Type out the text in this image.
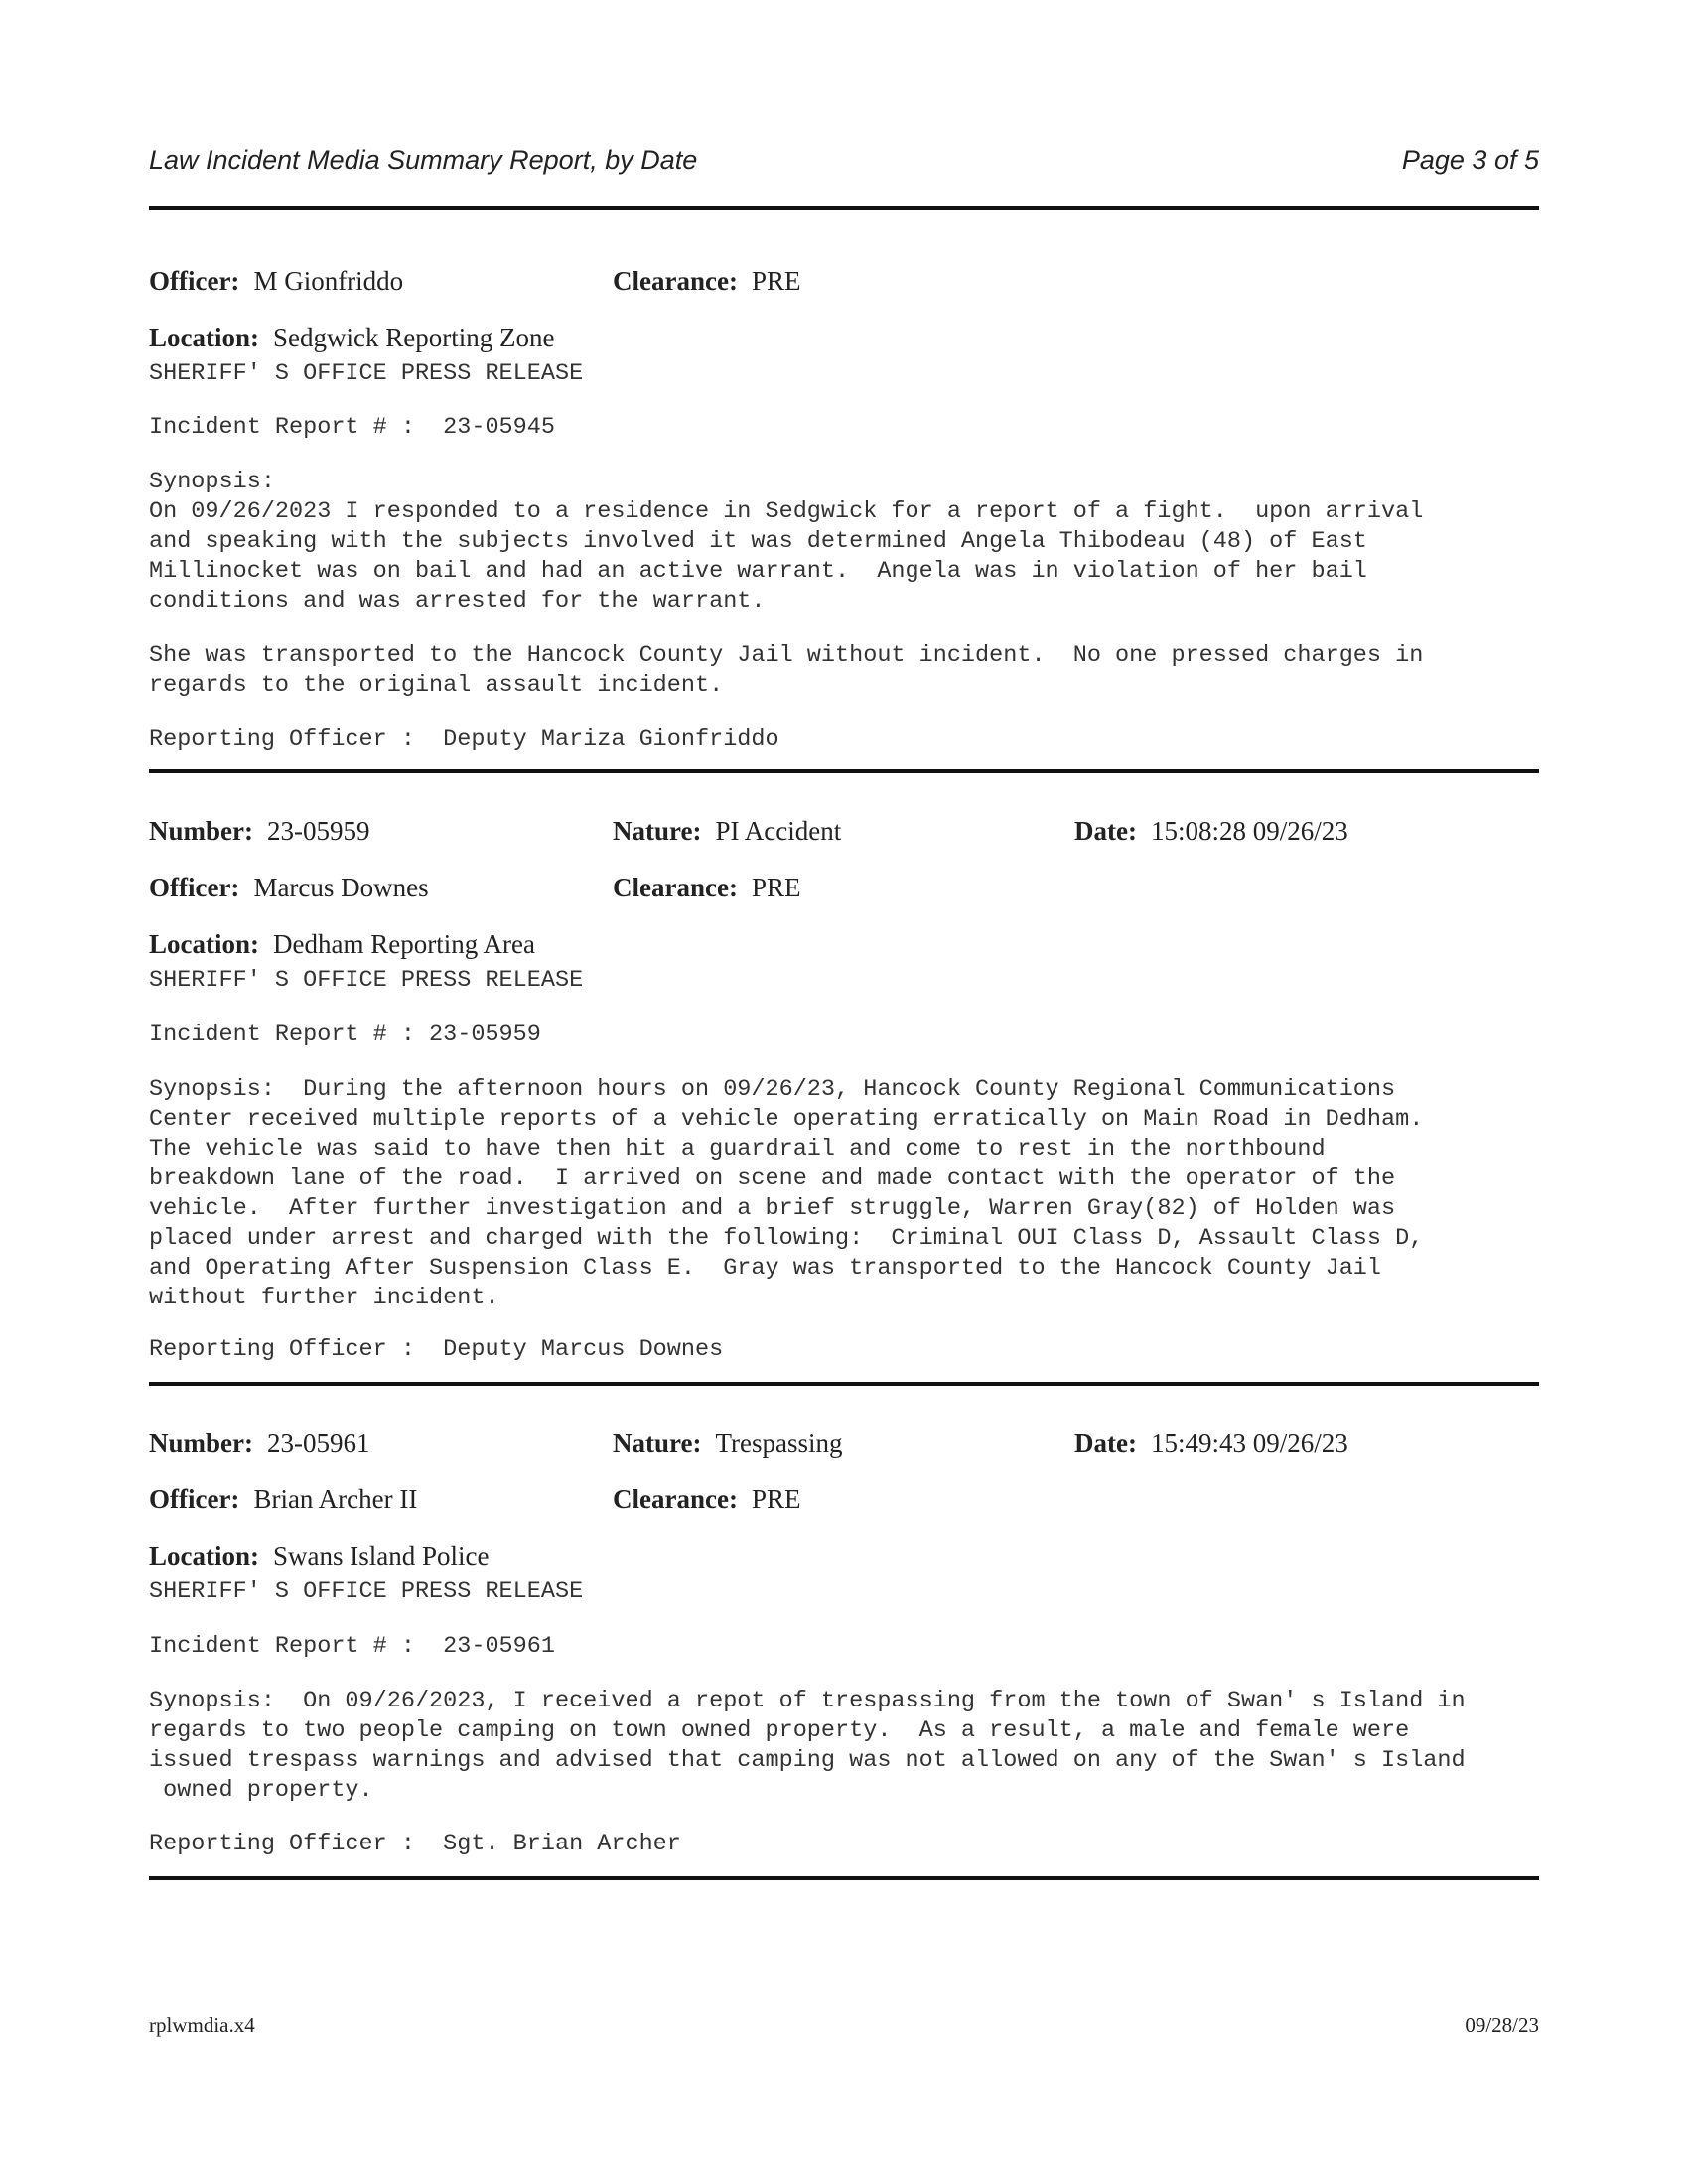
Law Incident Media Summary Report, by Date	Page 3 of 5
Officer: M Gionfriddo	Clearance: PRE
Location: Sedgwick Reporting Zone
SHERIFF' S OFFICE PRESS RELEASE
Incident Report # :  23-05945
Synopsis:
On 09/26/2023 I responded to a residence in Sedgwick for a report of a fight.  upon arrival
and speaking with the subjects involved it was determined Angela Thibodeau (48) of East
Millinocket was on bail and had an active warrant.  Angela was in violation of her bail
conditions and was arrested for the warrant.
She was transported to the Hancock County Jail without incident.  No one pressed charges in
regards to the original assault incident.
Reporting Officer :  Deputy Mariza Gionfriddo
Number: 23-05959	Nature: PI Accident	Date: 15:08:28 09/26/23
Officer: Marcus Downes	Clearance: PRE
Location: Dedham Reporting Area
SHERIFF' S OFFICE PRESS RELEASE
Incident Report # : 23-05959
Synopsis:  During the afternoon hours on 09/26/23, Hancock County Regional Communications
Center received multiple reports of a vehicle operating erratically on Main Road in Dedham.
The vehicle was said to have then hit a guardrail and come to rest in the northbound
breakdown lane of the road.  I arrived on scene and made contact with the operator of the
vehicle.  After further investigation and a brief struggle, Warren Gray(82) of Holden was
placed under arrest and charged with the following:  Criminal OUI Class D, Assault Class D,
and Operating After Suspension Class E.  Gray was transported to the Hancock County Jail
without further incident.
Reporting Officer :  Deputy Marcus Downes
Number: 23-05961	Nature: Trespassing	Date: 15:49:43 09/26/23
Officer: Brian Archer II	Clearance: PRE
Location: Swans Island Police
SHERIFF' S OFFICE PRESS RELEASE
Incident Report # :  23-05961
Synopsis:  On 09/26/2023, I received a repot of trespassing from the town of Swan' s Island in
regards to two people camping on town owned property.  As a result, a male and female were
issued trespass warnings and advised that camping was not allowed on any of the Swan' s Island
owned property.
Reporting Officer :  Sgt. Brian Archer
rplwmdia.x4	09/28/23
